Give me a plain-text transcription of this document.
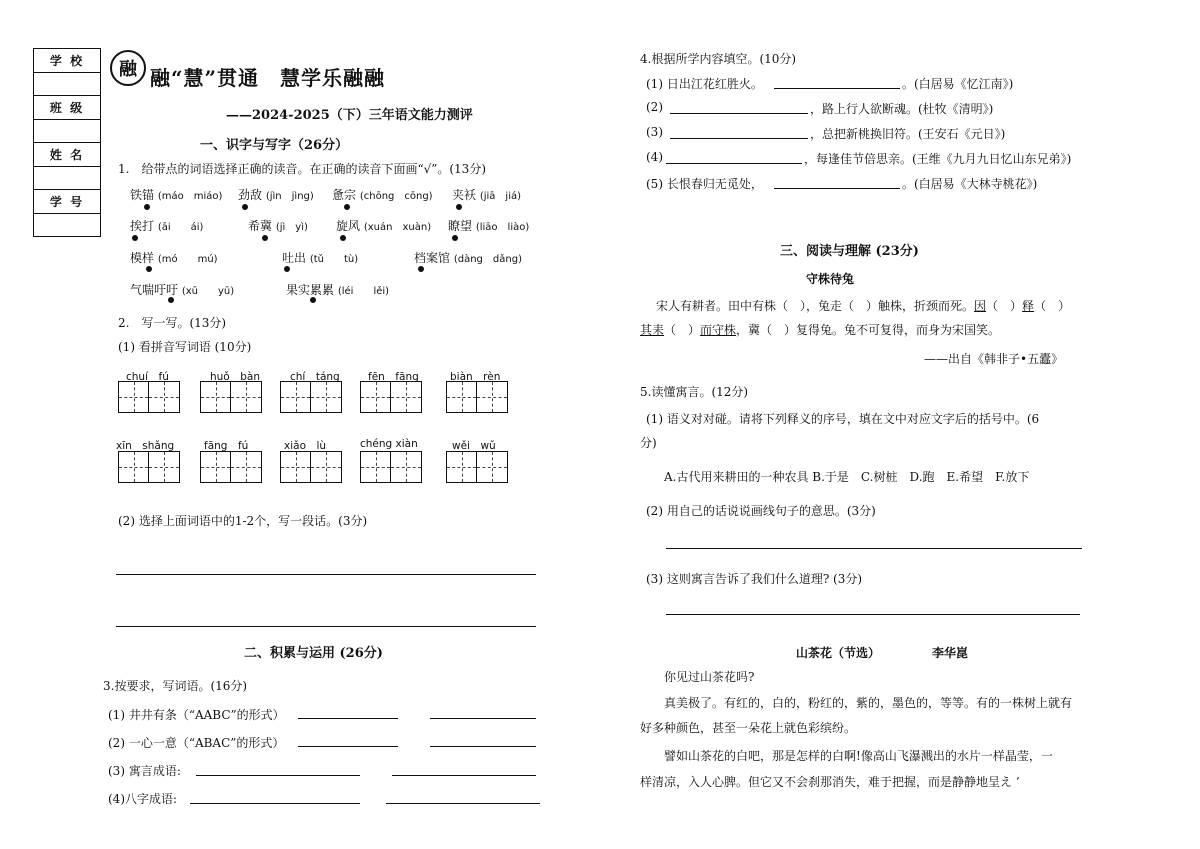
学 校
班 级
姓 名
学 号
融 融“慧”贯通　慧学乐融融
——2024-2025（下）三年语文能力测评
一、识字与写字（26分）
1.　给带点的词语选择正确的读音。在正确的读音下面画“√”。(13分)
铁锚 (máo　miáo) 劲敌 (jìn　jìng) 惫宗 (chōng　cōng) 夹袄 (jiā　jiá)
挨打 (āi　　ái)	希冀 (jì　yì) 旋风 (xuán　xuàn) 瞭望 (liāo　liào)
模样 (mó　　mú)	吐出 (tǔ　　tù)	档案馆 (dàng　dǎng)
气喘吁吁 (xū　　yū)	果实累累 (léi　　lěi)
2.　写一写。(13分)
(1) 看拼音写词语 (10分)
chuí　fú	huǒ　bàn	chí　táng	fēn　fāng	biàn　rèn
xīn　shǎng	fāng　fú	xiǎo　lù	chéng xiàn	wěi　wǔ
(2) 选择上面词语中的1-2个，写一段话。(3分)
二、积累与运用 (26分)
3.按要求，写词语。(16分)
(1) 井井有条（“AABC”的形式）
(2) 一心一意（“ABAC”的形式）
(3) 寓言成语:
(4)八字成语:
4.根据所学内容填空。(10分)
(1) 日出江花红胜火。	。(白居易《忆江南》)
(2)	，路上行人欲断魂。(杜牧《清明》)
(3)	，总把新桃换旧符。(王安石《元日》)
(4)	，每逢佳节倍思亲。(王维《九月九日忆山东兄弟》)
(5) 长恨春归无觅处，	。(白居易《大林寺桃花》)
三、阅读与理解 (23分)
守株待兔
宋人有耕者。田中有株（　），兔走（　）触株，折颈而死。因（　）释（　）
其耒（　）而守株，冀（　）复得兔。兔不可复得，而身为宋国笑。
——出自《韩非子•五蠹》
5.读懂寓言。(12分)
(1) 语义对对碰。请将下列释义的序号，填在文中对应文字后的括号中。(6
分)
A.古代用来耕田的一种农具 B.于是　C.树桩　D.跑　E.希望　F.放下
(2) 用自己的话说说画线句子的意思。(3分)
(3) 这则寓言告诉了我们什么道理? (3分)
山茶花（节选）	李华崑
你见过山茶花吗?
真美极了。有红的，白的，粉红的，紫的，墨色的，等等。有的一株树上就有
好多种颜色，甚至一朵花上就色彩缤纷。
譬如山茶花的白吧，那是怎样的白啊!像高山飞瀑溅出的水片一样晶莹，一
样清凉，入人心脾。但它又不会刹那消失，难于把握，而是静静地呈え ’
